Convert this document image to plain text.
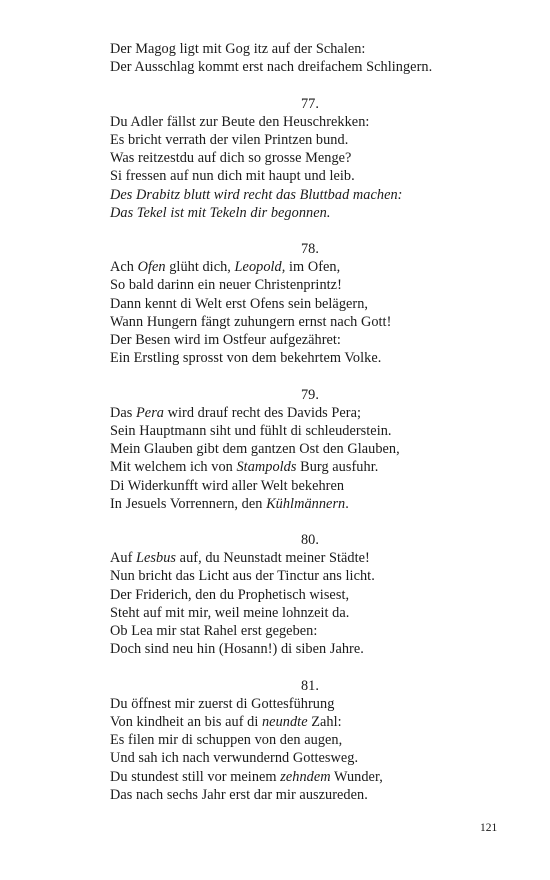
Der Magog ligt mit Gog itz auf der Schalen:
Der Ausschlag kommt erst nach dreifachem Schlingern.
77.
Du Adler fällst zur Beute den Heuschrekken:
Es bricht verrath der vilen Printzen bund.
Was reitzestdu auf dich so grosse Menge?
Si fressen auf nun dich mit haupt und leib.
Des Drabitz blutt wird recht das Bluttbad machen:
Das Tekel ist mit Tekeln dir begonnen.
78.
Ach Ofen glüht dich, Leopold, im Ofen,
So bald darinn ein neuer Christenprintz!
Dann kennt di Welt erst Ofens sein belägern,
Wann Hungern fängt zuhungern ernst nach Gott!
Der Besen wird im Ostfeur aufgezähret:
Ein Erstling sprosst von dem bekehrtem Volke.
79.
Das Pera wird drauf recht des Davids Pera;
Sein Hauptmann siht und fühlt di schleuderstein.
Mein Glauben gibt dem gantzen Ost den Glauben,
Mit welchem ich von Stampolds Burg ausfuhr.
Di Widerkunfft wird aller Welt bekehren
In Jesuels Vorrennern, den Kühlmännern.
80.
Auf Lesbus auf, du Neunstadt meiner Städte!
Nun bricht das Licht aus der Tinctur ans licht.
Der Friderich, den du Prophetisch wisest,
Steht auf mit mir, weil meine lohnzeit da.
Ob Lea mir stat Rahel erst gegeben:
Doch sind neu hin (Hosann!) di siben Jahre.
81.
Du öffnest mir zuerst di Gottesführung
Von kindheit an bis auf di neundte Zahl:
Es filen mir di schuppen von den augen,
Und sah ich nach verwundernd Gottesweg.
Du stundest still vor meinem zehndem Wunder,
Das nach sechs Jahr erst dar mir auszureden.
121
